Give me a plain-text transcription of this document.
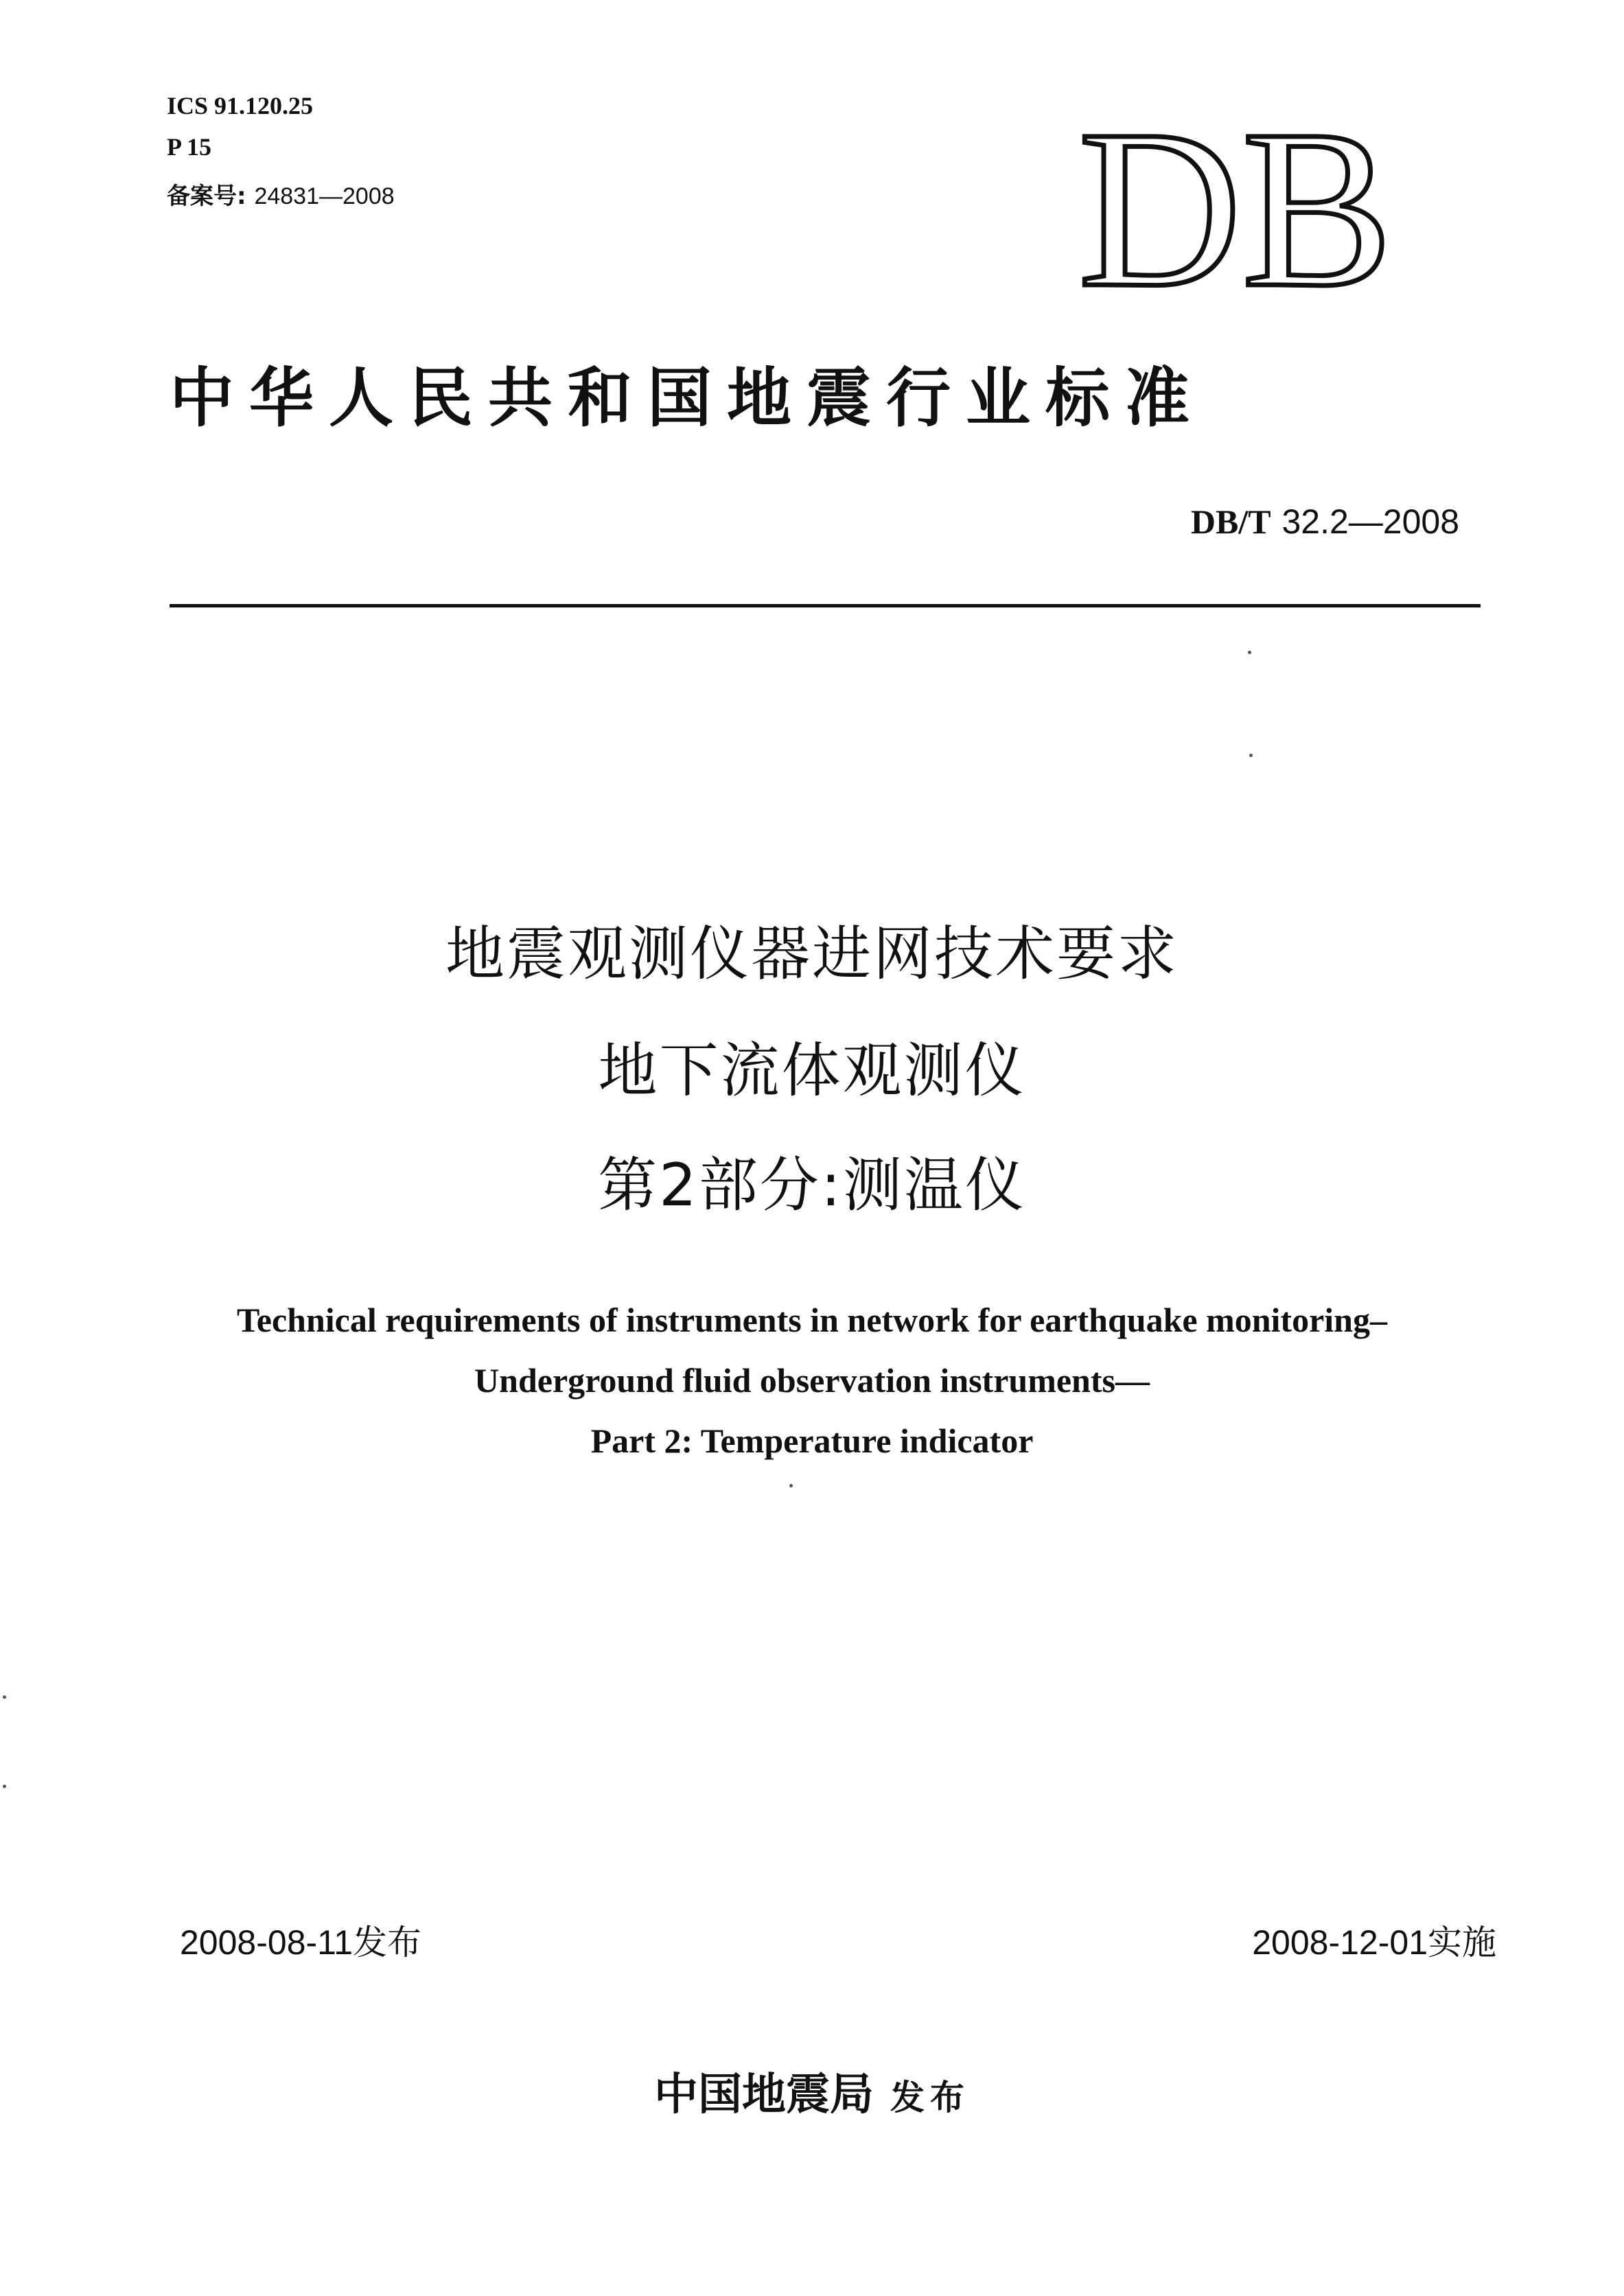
ICS 91.120.25
P 15
备案号: 24831—2008	DB
中华人民共和国地震行业标准
DB/T 32.2—2008
地震观测仪器进网技术要求
地下流体观测仪
第2部分:测温仪
Technical requirements of instruments in network for earthquake monitoring–
Underground fluid observation instruments—
Part 2: Temperature indicator
2008-08-11发布	2008-12-01实施
中国地震局 发布
